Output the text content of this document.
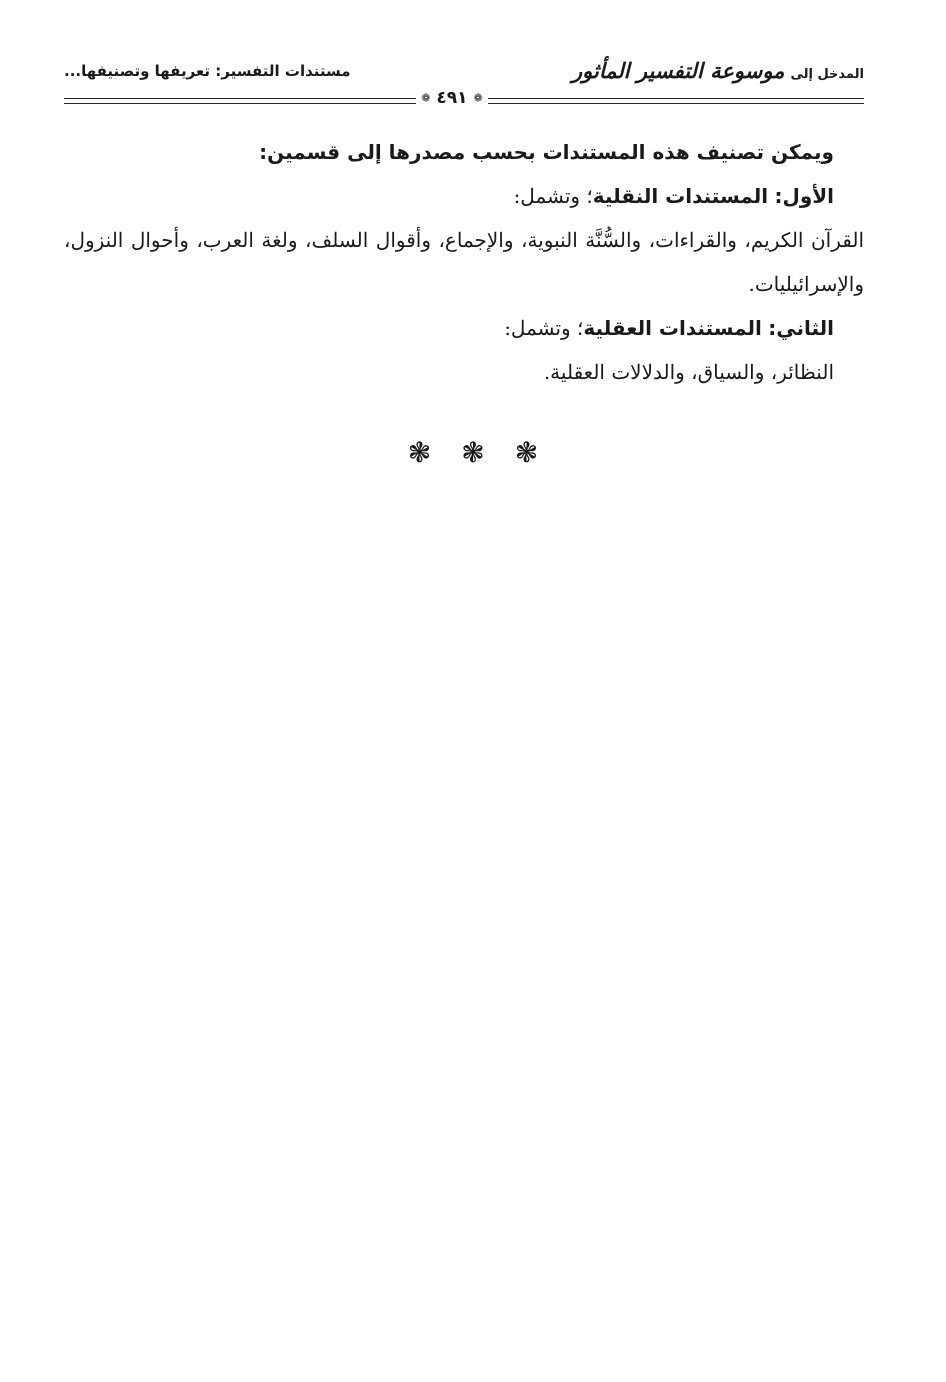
المدخل إلى
موسوعة التفسير المأثور
مستندات التفسير: تعريفها وتصنيفها...
❁ ٤٩١ ❁

ويمكن تصنيف هذه المستندات بحسب مصدرها إلى قسمين:

الأول: المستندات النقلية؛ وتشمل:

القرآن الكريم، والقراءات، والسُّنَّة النبوية، والإجماع، وأقوال السلف، ولغة العرب، وأحوال النزول، والإسرائيليات.

الثاني: المستندات العقلية؛ وتشمل:

النظائر، والسياق، والدلالات العقلية.

❃❃❃
